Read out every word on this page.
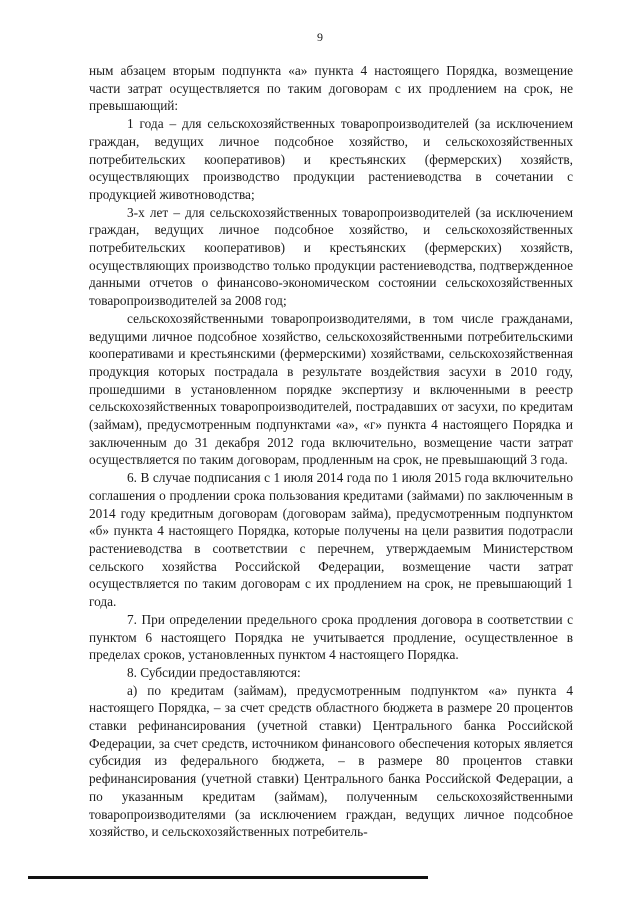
9

ным абзацем вторым подпункта «а» пункта 4 настоящего Порядка, возмещение части затрат осуществляется по таким договорам с их продлением на срок, не превышающий:

1 года – для сельскохозяйственных товаропроизводителей (за исключением граждан, ведущих личное подсобное хозяйство, и сельскохозяйственных потребительских кооперативов) и крестьянских (фермерских) хозяйств, осуществляющих производство продукции растениеводства в сочетании с продукцией животноводства;

3-х лет – для сельскохозяйственных товаропроизводителей (за исключением граждан, ведущих личное подсобное хозяйство, и сельскохозяйственных потребительских кооперативов) и крестьянских (фермерских) хозяйств, осуществляющих производство только продукции растениеводства, подтвержденное данными отчетов о финансово-экономическом состоянии сельскохозяйственных товаропроизводителей за 2008 год;

сельскохозяйственными товаропроизводителями, в том числе гражданами, ведущими личное подсобное хозяйство, сельскохозяйственными потребительскими кооперативами и крестьянскими (фермерскими) хозяйствами, сельскохозяйственная продукция которых пострадала в результате воздействия засухи в 2010 году, прошедшими в установленном порядке экспертизу и включенными в реестр сельскохозяйственных товаропроизводителей, пострадавших от засухи, по кредитам (займам), предусмотренным подпунктами «а», «г» пункта 4 настоящего Порядка и заключенным до 31 декабря 2012 года включительно, возмещение части затрат осуществляется по таким договорам, продленным на срок, не превышающий 3 года.

6. В случае подписания с 1 июля 2014 года по 1 июля 2015 года включительно соглашения о продлении срока пользования кредитами (займами) по заключенным в 2014 году кредитным договорам (договорам займа), предусмотренным подпунктом «б» пункта 4 настоящего Порядка, которые получены на цели развития подотрасли растениеводства в соответствии с перечнем, утверждаемым Министерством сельского хозяйства Российской Федерации, возмещение части затрат осуществляется по таким договорам с их продлением на срок, не превышающий 1 года.

7. При определении предельного срока продления договора в соответствии с пунктом 6 настоящего Порядка не учитывается продление, осуществленное в пределах сроков, установленных пунктом 4 настоящего Порядка.

8. Субсидии предоставляются:

а) по кредитам (займам), предусмотренным подпунктом «а» пункта 4 настоящего Порядка, – за счет средств областного бюджета в размере 20 процентов ставки рефинансирования (учетной ставки) Центрального банка Российской Федерации, за счет средств, источником финансового обеспечения которых является субсидия из федерального бюджета, – в размере 80 процентов ставки рефинансирования (учетной ставки) Центрального банка Российской Федерации, а по указанным кредитам (займам), полученным сельскохозяйственными товаропроизводителями (за исключением граждан, ведущих личное подсобное хозяйство, и сельскохозяйственных потребитель-
